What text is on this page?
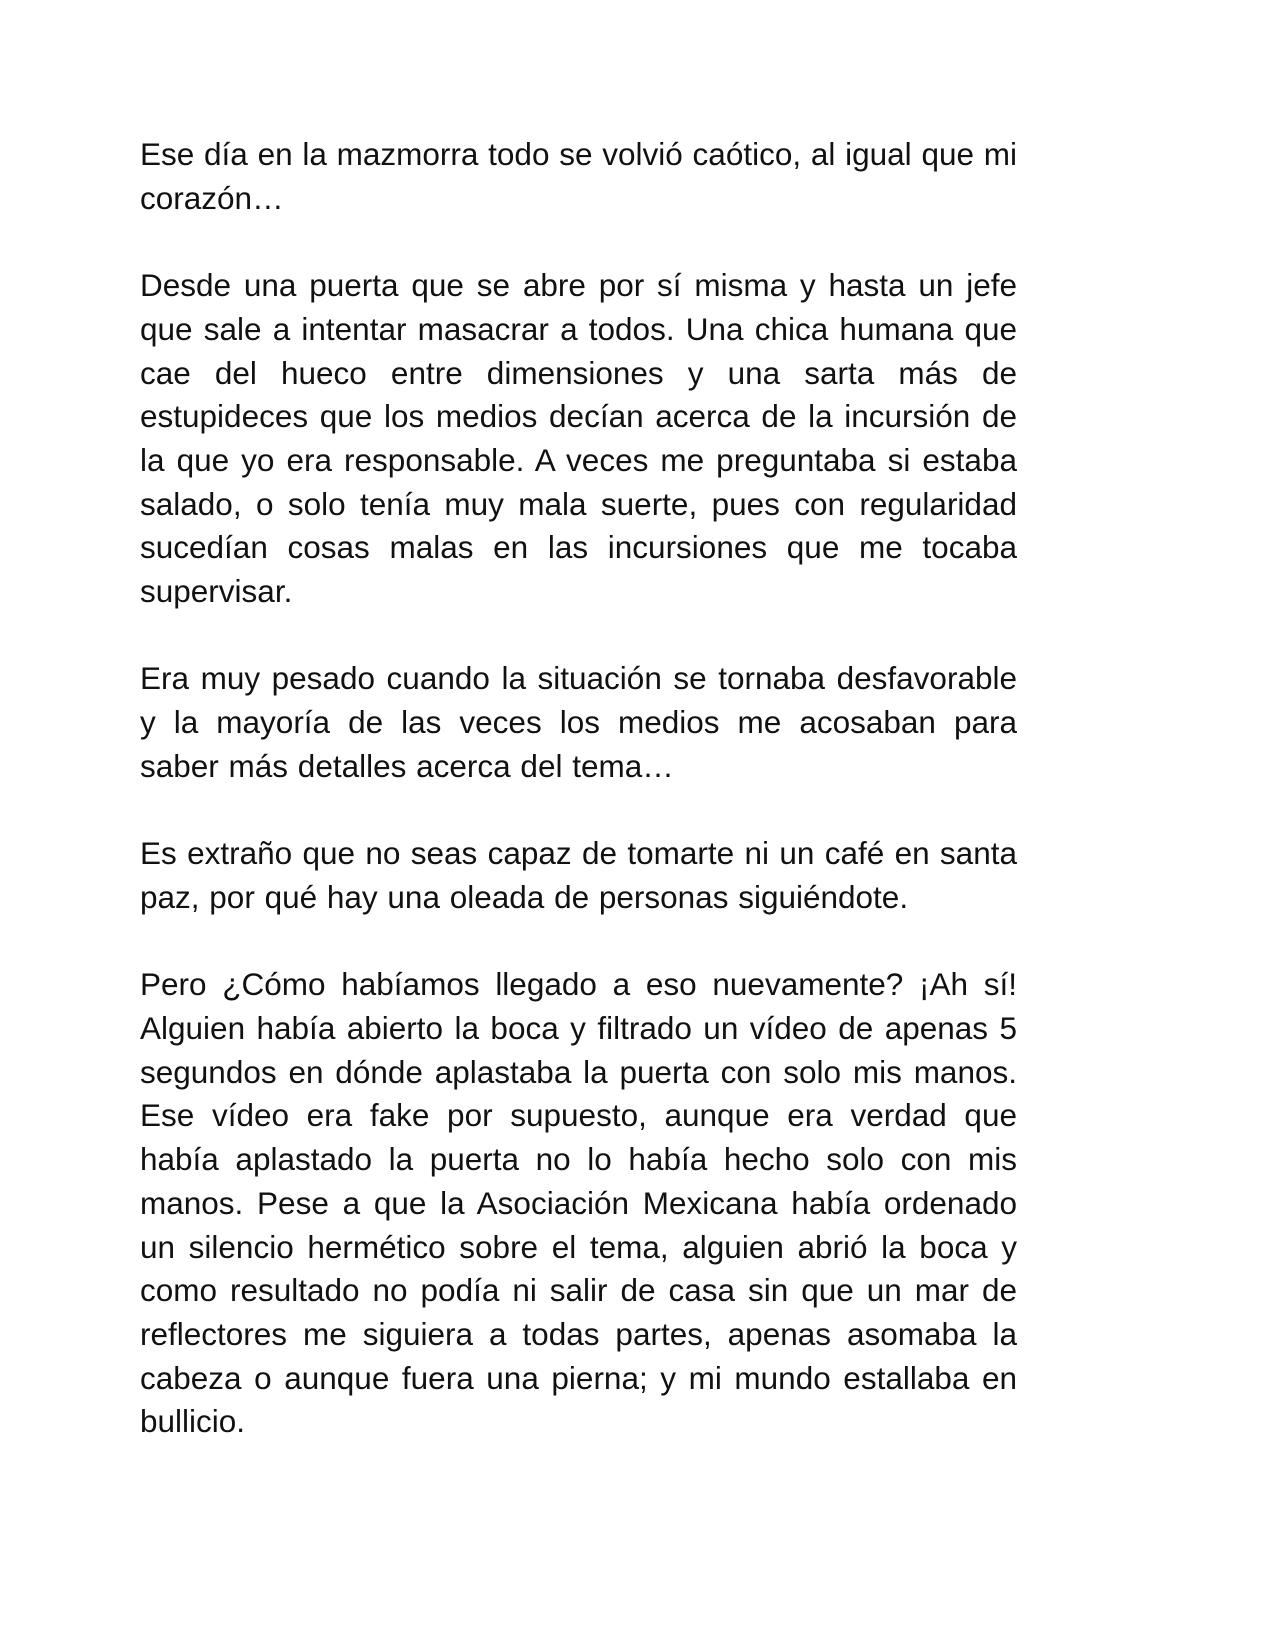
Ese día en la mazmorra todo se volvió caótico, al igual que mi corazón…

Desde una puerta que se abre por sí misma y hasta un jefe que sale a intentar masacrar a todos. Una chica humana que cae del hueco entre dimensiones y una sarta más de estupideces que los medios decían acerca de la incursión de la que yo era responsable. A veces me preguntaba si estaba salado, o solo tenía muy mala suerte, pues con regularidad sucedían cosas malas en las incursiones que me tocaba supervisar.

Era muy pesado cuando la situación se tornaba desfavorable y la mayoría de las veces los medios me acosaban para saber más detalles acerca del tema…

Es extraño que no seas capaz de tomarte ni un café en santa paz, por qué hay una oleada de personas siguiéndote.

Pero ¿Cómo habíamos llegado a eso nuevamente? ¡Ah sí! Alguien había abierto la boca y filtrado un vídeo de apenas 5 segundos en dónde aplastaba la puerta con solo mis manos. Ese vídeo era fake por supuesto, aunque era verdad que había aplastado la puerta no lo había hecho solo con mis manos. Pese a que la Asociación Mexicana había ordenado un silencio hermético sobre el tema, alguien abrió la boca y como resultado no podía ni salir de casa sin que un mar de reflectores me siguiera a todas partes, apenas asomaba la cabeza o aunque fuera una pierna; y mi mundo estallaba en bullicio.
